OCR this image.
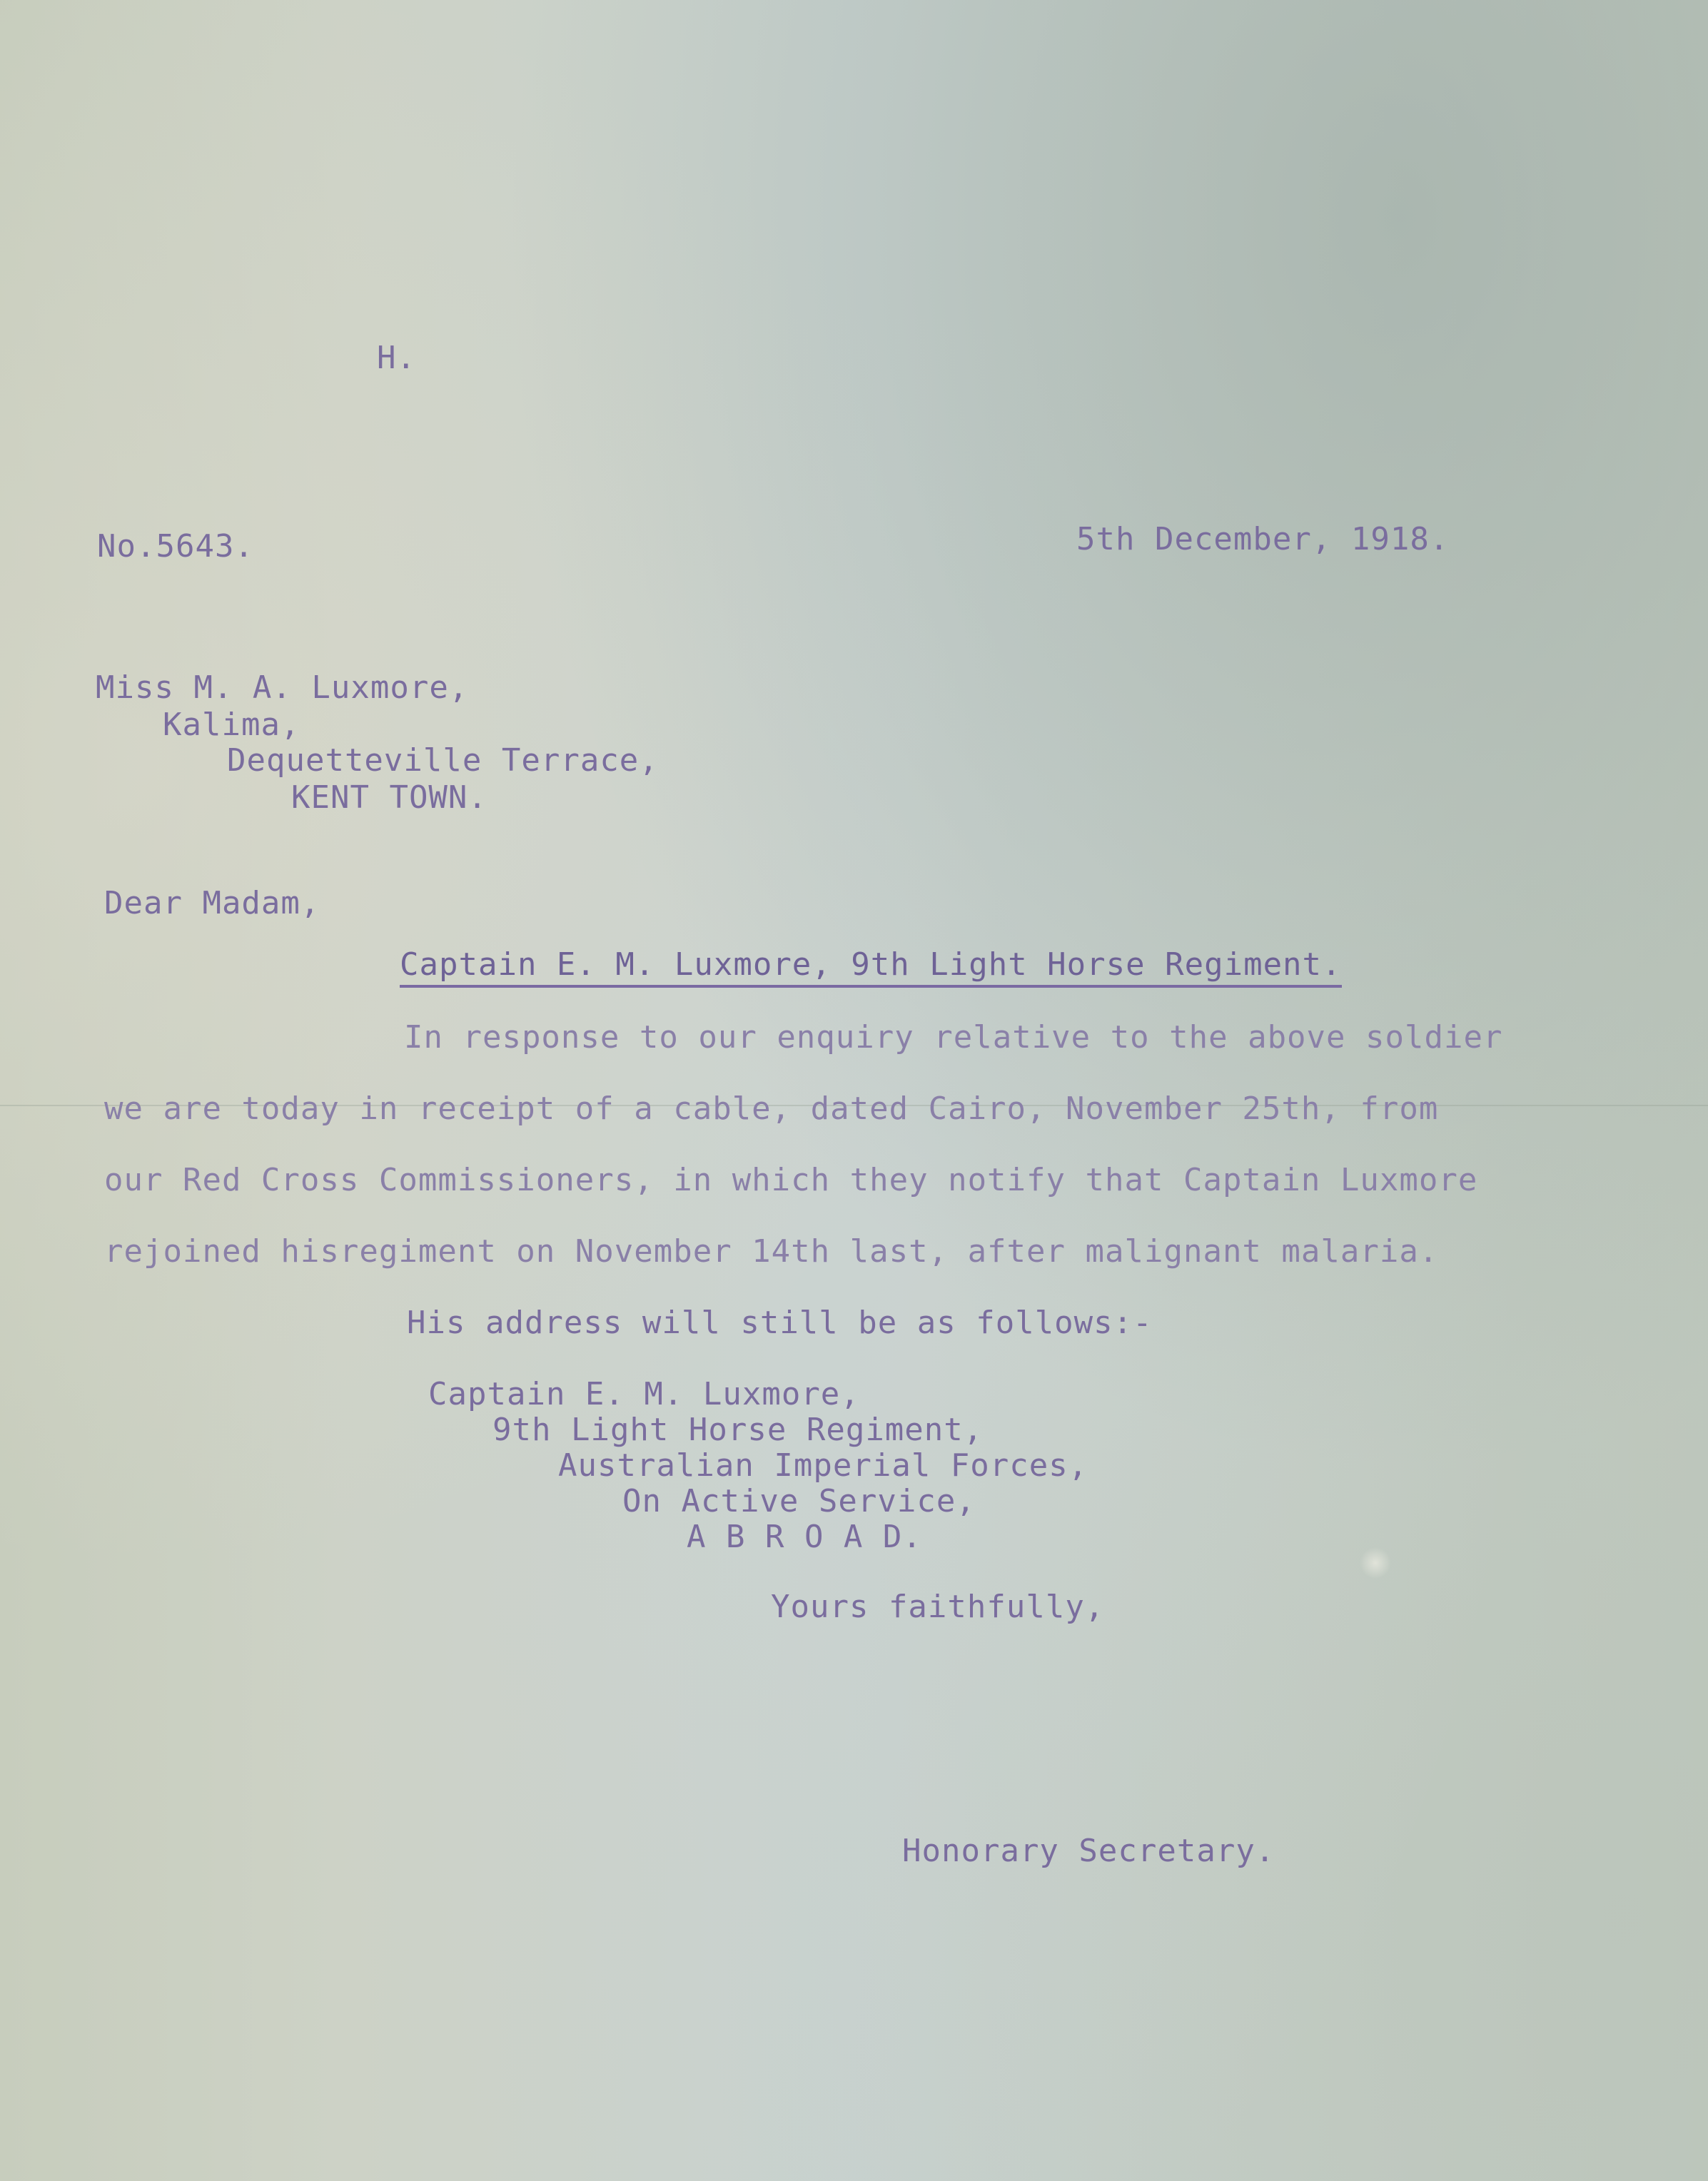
H.
No.5643.	5th December, 1918.
Miss M. A. Luxmore,
Kalima,
Dequetteville Terrace,
KENT TOWN.
Dear Madam,
Captain E. M. Luxmore, 9th Light Horse Regiment.
In response to our enquiry relative to the above soldier
we are today in receipt of a cable, dated Cairo, November 25th, from
our Red Cross Commissioners, in which they notify that Captain Luxmore
rejoined hisregiment on November 14th last, after malignant malaria.
His address will still be as follows:-
Captain E. M. Luxmore,
9th Light Horse Regiment,
Australian Imperial Forces,
On Active Service,
A B R O A D.
Yours faithfully,
Honorary Secretary.
